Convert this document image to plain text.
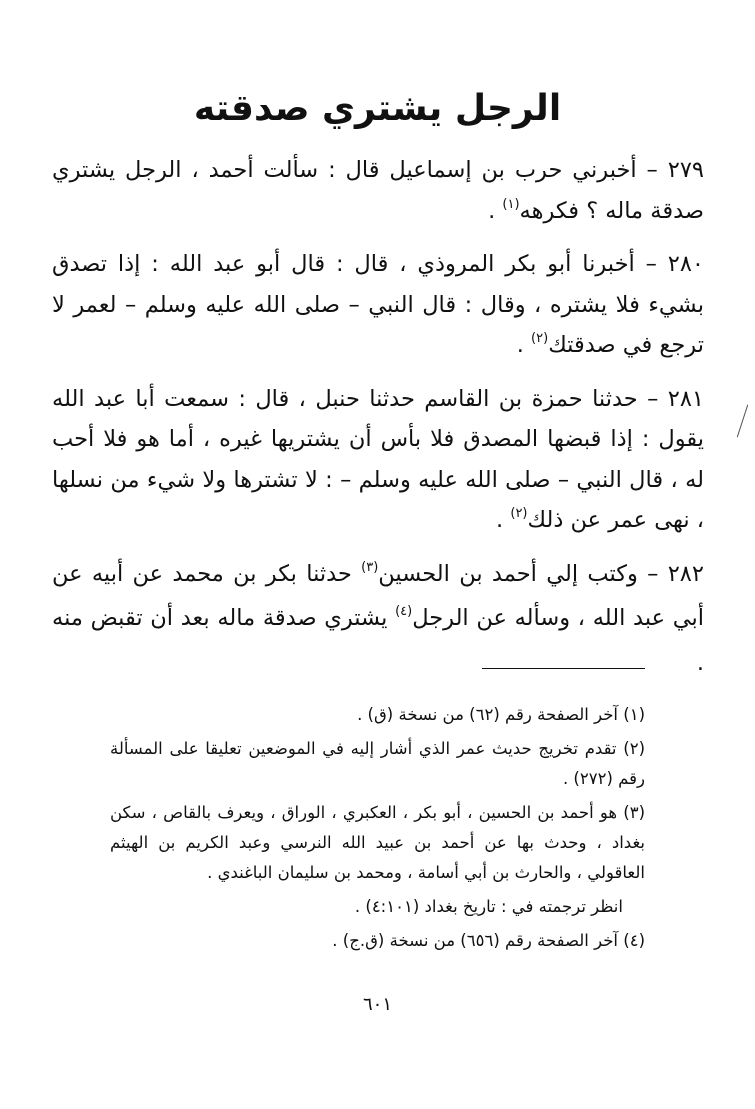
الرجل يشتري صدقته

٢٧٩ – أخبرني حرب بن إسماعيل قال : سألت أحمد ، الرجل يشتري صدقة ماله ؟ فكرهه$^{(١)}$ .

٢٨٠ – أخبرنا أبو بكر المروذي ، قال : قال أبو عبد الله : إذا تصدق بشيء فلا يشتره ، وقال : قال النبي – صلى الله عليه وسلم – لعمر لا ترجع في صدقتك$^{(٢)}$ .

٢٨١ – حدثنا حمزة بن القاسم حدثنا حنبل ، قال : سمعت أبا عبد الله يقول : إذا قبضها المصدق فلا بأس أن يشتريها غيره ، أما هو فلا أحب له ، قال النبي – صلى الله عليه وسلم – : لا تشترها ولا شيء من نسلها ، نهى عمر عن ذلك$^{(٢)}$ .

٢٨٢ – وكتب إلي أحمد بن الحسين$^{(٣)}$ حدثنا بكر بن محمد عن أبيه عن أبي عبد الله ، وسأله عن الرجل$^{(٤)}$ يشتري صدقة ماله بعد أن تقبض منه .

(١) آخر الصفحة رقم (٦٢) من نسخة (ق) .

(٢) تقدم تخريج حديث عمر الذي أشار إليه في الموضعين تعليقا على المسألة رقم (٢٧٢) .

(٣) هو أحمد بن الحسين ، أبو بكر ، العكبري ، الوراق ، ويعرف بالقاص ، سكن بغداد ، وحدث بها عن أحمد بن عبيد الله النرسي وعبد الكريم بن الهيثم العاقولي ، والحارث بن أبي أسامة ، ومحمد بن سليمان الباغندي .

انظر ترجمته في : تاريخ بغداد (٤:١٠١) .

(٤) آخر الصفحة رقم (٦٥٦) من نسخة (ق.ج) .

٦٠١
